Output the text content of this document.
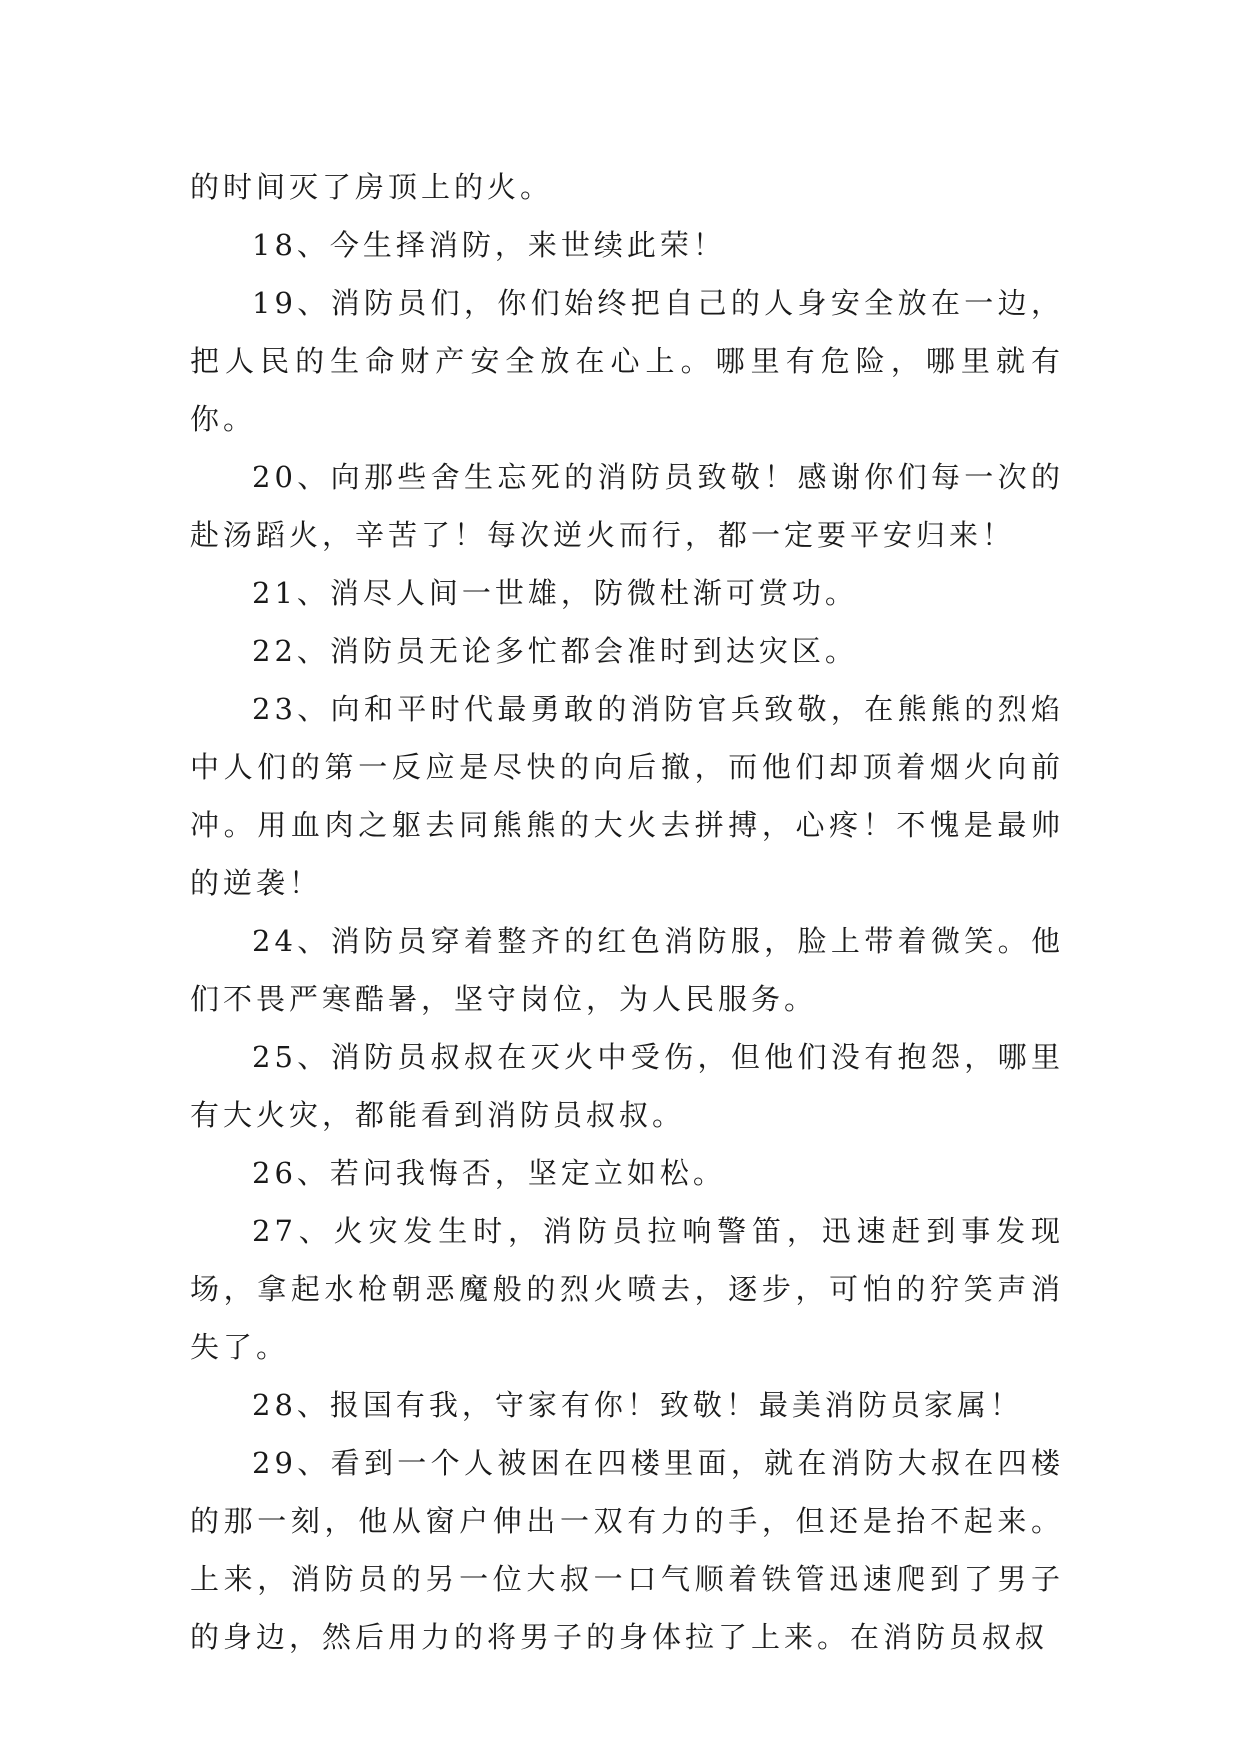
的时间灭了房顶上的火。

18、今生择消防，来世续此荣！

19、消防员们，你们始终把自己的人身安全放在一边，把人民的生命财产安全放在心上。哪里有危险，哪里就有你。

20、向那些舍生忘死的消防员致敬！感谢你们每一次的赴汤蹈火，辛苦了！每次逆火而行，都一定要平安归来！

21、消尽人间一世雄，防微杜渐可赏功。

22、消防员无论多忙都会准时到达灾区。

23、向和平时代最勇敢的消防官兵致敬，在熊熊的烈焰中人们的第一反应是尽快的向后撤，而他们却顶着烟火向前冲。用血肉之躯去同熊熊的大火去拼搏，心疼！不愧是最帅的逆袭！

24、消防员穿着整齐的红色消防服，脸上带着微笑。他们不畏严寒酷暑，坚守岗位，为人民服务。

25、消防员叔叔在灭火中受伤，但他们没有抱怨，哪里有大火灾，都能看到消防员叔叔。

26、若问我悔否，坚定立如松。

27、火灾发生时，消防员拉响警笛，迅速赶到事发现场，拿起水枪朝恶魔般的烈火喷去，逐步，可怕的狞笑声消失了。

28、报国有我，守家有你！致敬！最美消防员家属！

29、看到一个人被困在四楼里面，就在消防大叔在四楼的那一刻，他从窗户伸出一双有力的手，但还是抬不起来。上来，消防员的另一位大叔一口气顺着铁管迅速爬到了男子的身边，然后用力的将男子的身体拉了上来。在消防员叔叔
